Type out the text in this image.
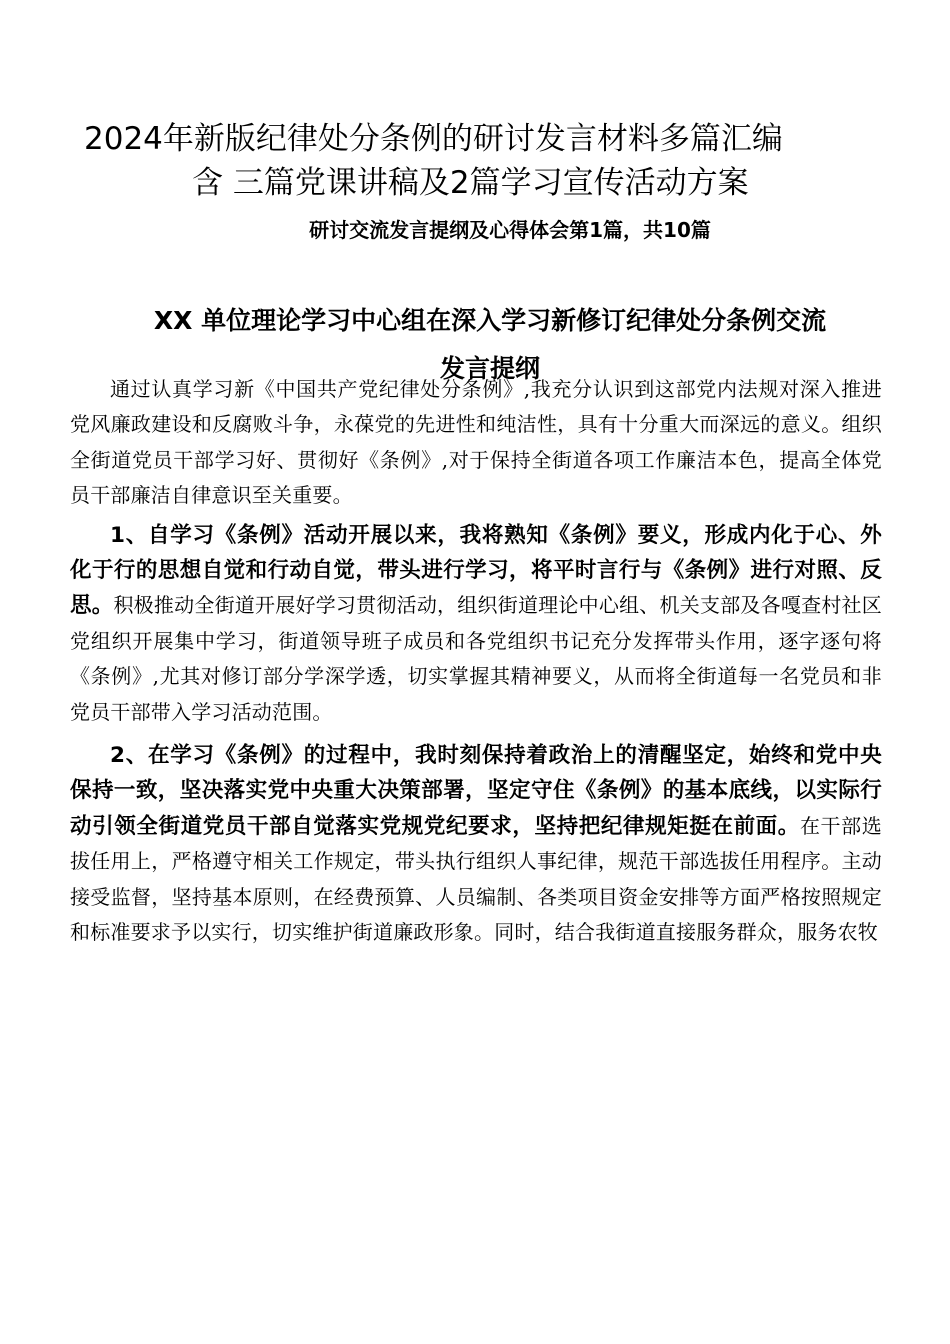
2024年新版纪律处分条例的研讨发言材料多篇汇编
含 三篇党课讲稿及2篇学习宣传活动方案
研讨交流发言提纲及心得体会第1篇，共10篇
XX 单位理论学习中心组在深入学习新修订纪律处分条例交流
发言提纲

通过认真学习新《中国共产党纪律处分条例》,我充分认识到这部党内法规对深入推进党风廉政建设和反腐败斗争，永葆党的先进性和纯洁性，具有十分重大而深远的意义。组织全街道党员干部学习好、贯彻好《条例》,对于保持全街道各项工作廉洁本色，提高全体党员干部廉洁自律意识至关重要。

1、自学习《条例》活动开展以来，我将熟知《条例》要义，形成内化于心、外化于行的思想自觉和行动自觉，带头进行学习，将平时言行与《条例》进行对照、反思。积极推动全街道开展好学习贯彻活动，组织街道理论中心组、机关支部及各嘎查村社区党组织开展集中学习，街道领导班子成员和各党组织书记充分发挥带头作用，逐字逐句将《条例》,尤其对修订部分学深学透，切实掌握其精神要义，从而将全街道每一名党员和非党员干部带入学习活动范围。

2、在学习《条例》的过程中，我时刻保持着政治上的清醒坚定，始终和党中央保持一致，坚决落实党中央重大决策部署，坚定守住《条例》的基本底线，以实际行动引领全街道党员干部自觉落实党规党纪要求，坚持把纪律规矩挺在前面。在干部选拔任用上，严格遵守相关工作规定，带头执行组织人事纪律，规范干部选拔任用程序。主动接受监督，坚持基本原则，在经费预算、人员编制、各类项目资金安排等方面严格按照规定和标准要求予以实行，切实维护街道廉政形象。同时，结合我街道直接服务群众，服务农牧
